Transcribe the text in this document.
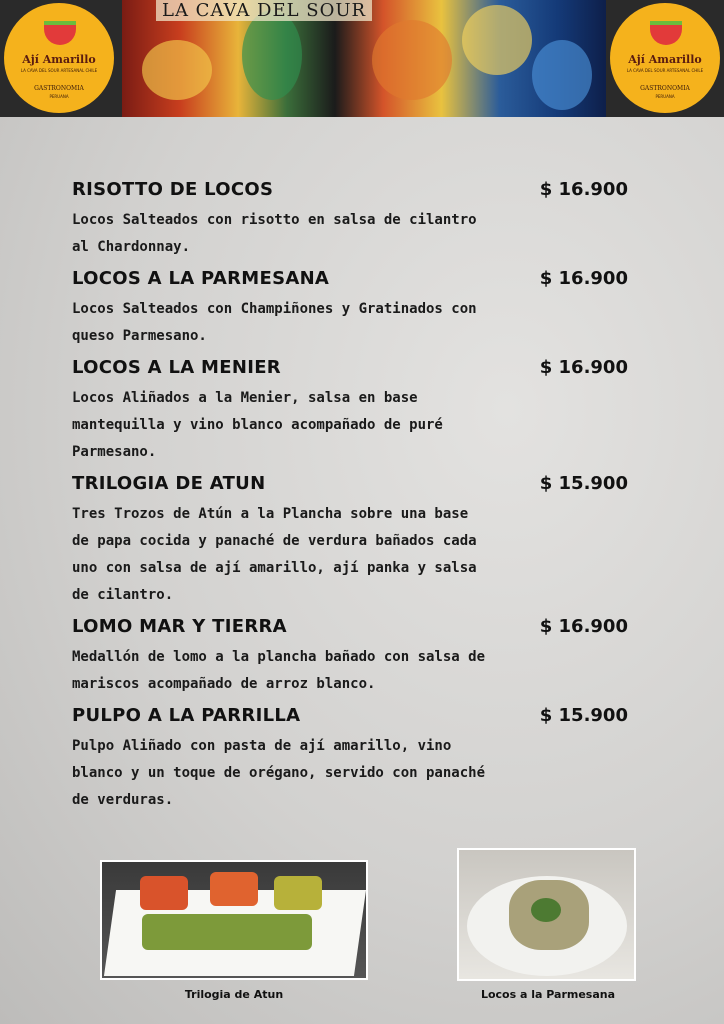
Ají Amarillo
LA CAVA DEL SOUR ARTESANAL CHILE
GASTRONOMIA
PERUANA
LA CAVA DEL SOUR
Ají Amarillo
LA CAVA DEL SOUR ARTESANAL CHILE
GASTRONOMIA
PERUANA
RISOTTO DE LOCOS	$ 16.900
Locos Salteados con risotto en salsa de cilantro al Chardonnay.
LOCOS A LA PARMESANA	$ 16.900
Locos Salteados con Champiñones y Gratinados con queso Parmesano.
LOCOS A LA MENIER	$ 16.900
Locos Aliñados a la Menier, salsa en base mantequilla y vino blanco acompañado de puré Parmesano.
TRILOGIA DE ATUN	$ 15.900
Tres Trozos de Atún a la Plancha sobre una base de papa cocida y panaché de verdura bañados cada uno con salsa de ají amarillo, ají panka y salsa de cilantro.
LOMO MAR Y TIERRA	$ 16.900
Medallón de lomo a la plancha bañado con salsa de mariscos acompañado de arroz blanco.
PULPO A LA PARRILLA	$ 15.900
Pulpo Aliñado con pasta de ají amarillo, vino blanco y un toque de orégano, servido con panaché de verduras.
Trilogia de Atun	Locos a la Parmesana
